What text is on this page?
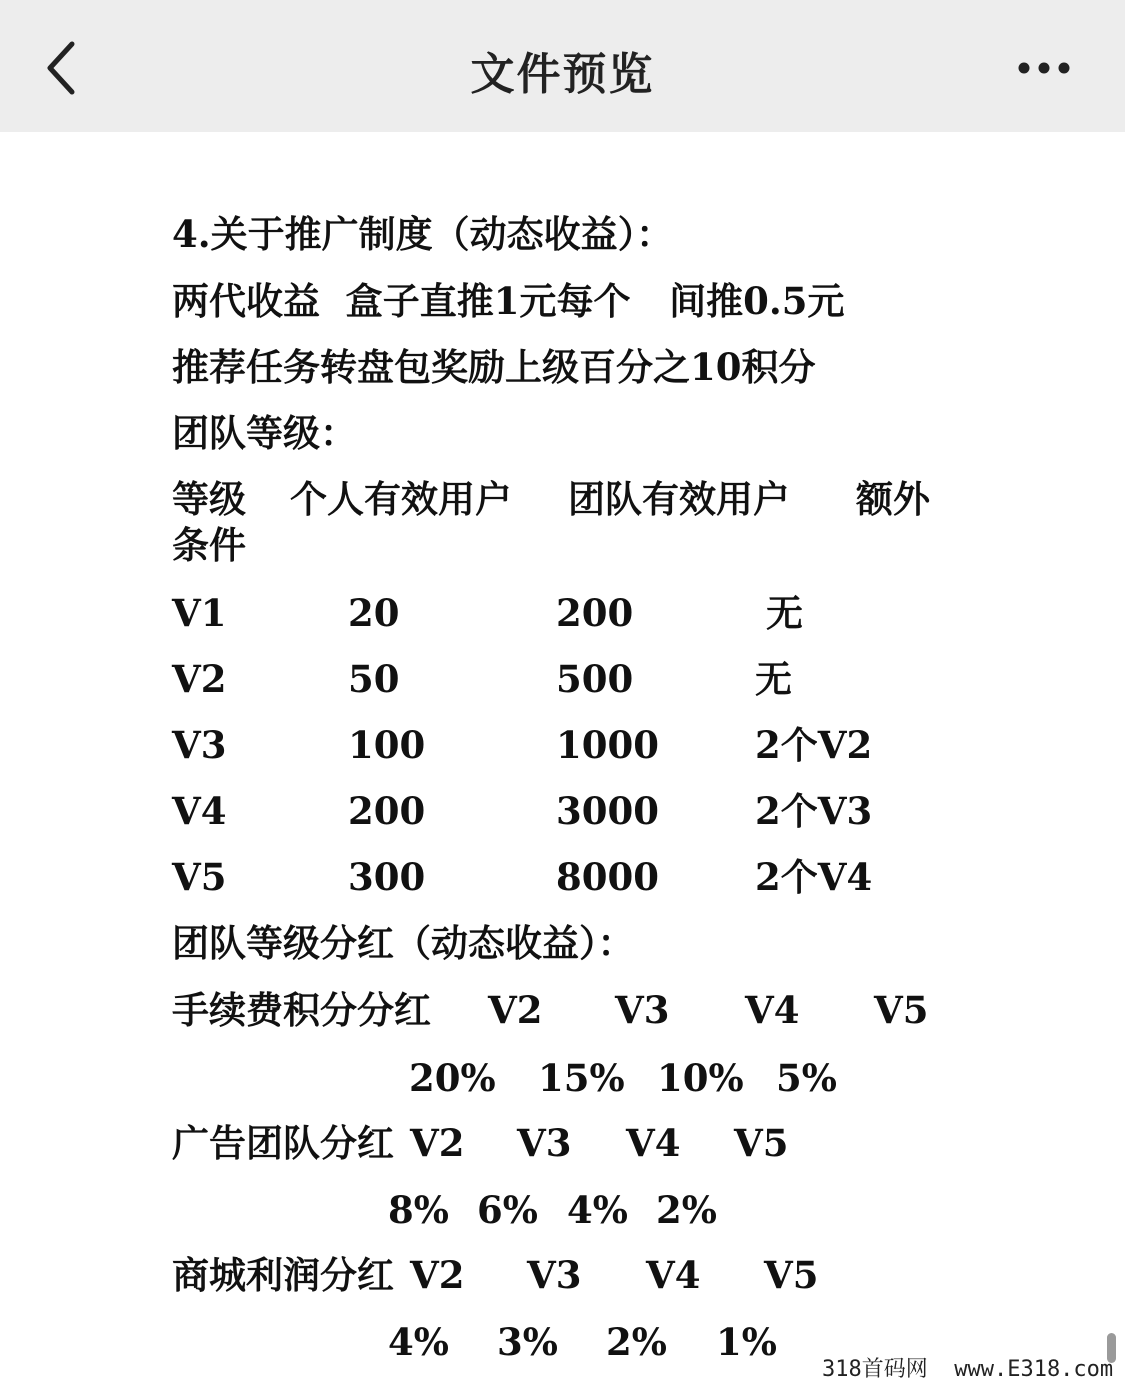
文件预览
4.关于推广制度（动态收益）：
两代收益  盒子直推1元每个   间推0.5元
推荐任务转盘包奖励上级百分之10积分
团队等级：
等级 个人有效用户 团队有效用户 额外
条件
V1	20	200	无
V2	50	500	无
V3	100	1000	2个V2
V4	200	3000	2个V3
V5	300	8000	2个V4
团队等级分红（动态收益）：
手续费积分分红 V2 V3 V4 V5
20% 15% 10% 5%
广告团队分红 V2 V3 V4 V5
8% 6% 4% 2%
商城利润分红 V2 V3 V4 V5
4% 3% 2% 1%
318首码网  www.E318.com
